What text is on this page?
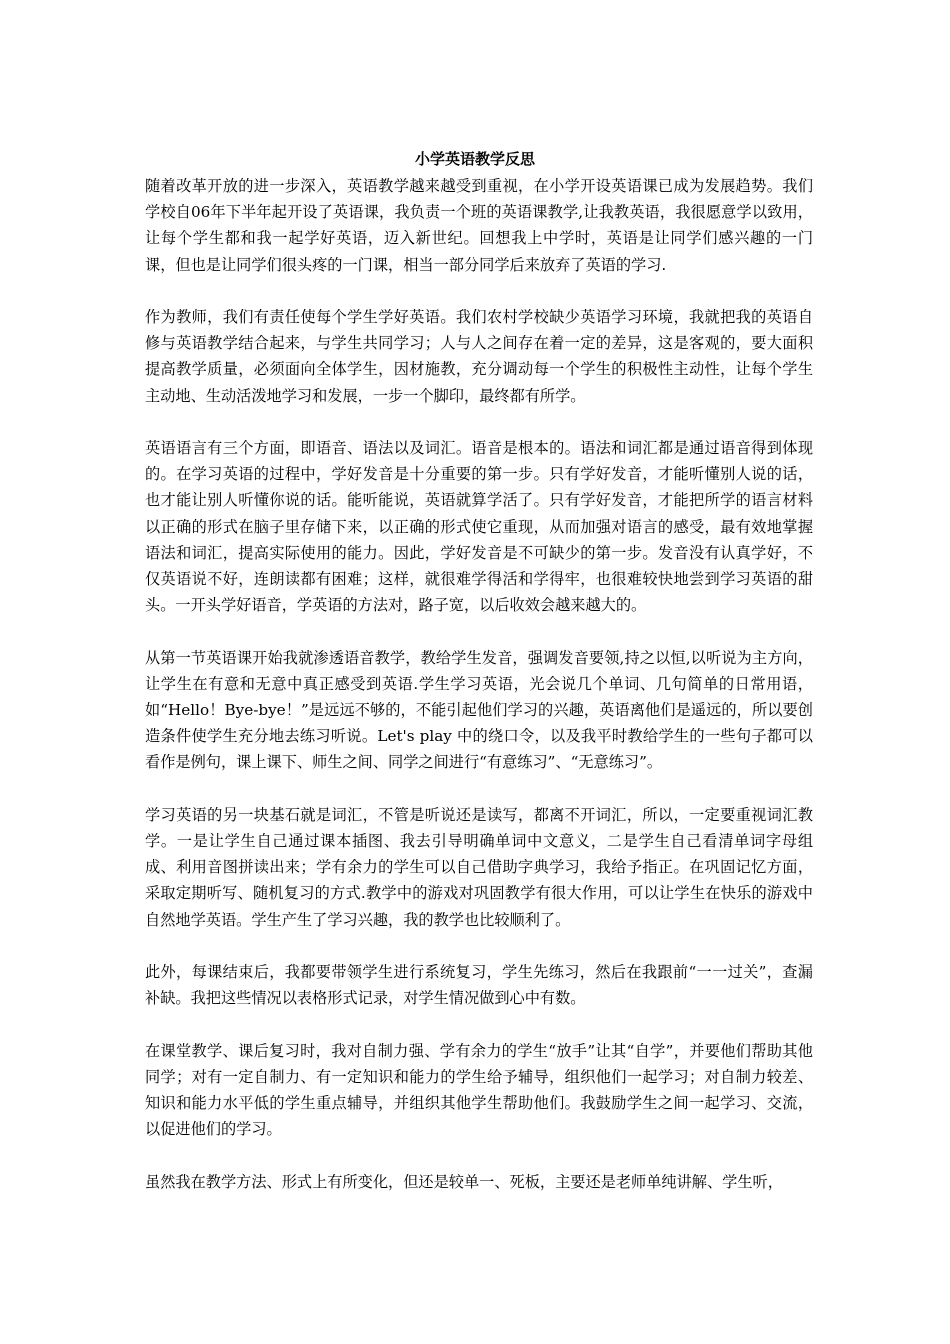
小学英语教学反思

随着改革开放的进一步深入，英语教学越来越受到重视，在小学开设英语课已成为发展趋势。我们学校自06年下半年起开设了英语课，我负责一个班的英语课教学,让我教英语，我很愿意学以致用，让每个学生都和我一起学好英语，迈入新世纪。回想我上中学时，英语是让同学们感兴趣的一门课，但也是让同学们很头疼的一门课，相当一部分同学后来放弃了英语的学习.

作为教师，我们有责任使每个学生学好英语。我们农村学校缺少英语学习环境，我就把我的英语自修与英语教学结合起来，与学生共同学习；人与人之间存在着一定的差异，这是客观的，要大面积提高教学质量，必须面向全体学生，因材施教，充分调动每一个学生的积极性主动性，让每个学生主动地、生动活泼地学习和发展，一步一个脚印，最终都有所学。

英语语言有三个方面，即语音、语法以及词汇。语音是根本的。语法和词汇都是通过语音得到体现的。在学习英语的过程中，学好发音是十分重要的第一步。只有学好发音，才能听懂别人说的话，也才能让别人听懂你说的话。能听能说，英语就算学活了。只有学好发音，才能把所学的语言材料以正确的形式在脑子里存储下来，以正确的形式使它重现，从而加强对语言的感受，最有效地掌握语法和词汇，提高实际使用的能力。因此，学好发音是不可缺少的第一步。发音没有认真学好，不仅英语说不好，连朗读都有困难；这样，就很难学得活和学得牢，也很难较快地尝到学习英语的甜头。一开头学好语音，学英语的方法对，路子宽，以后收效会越来越大的。

从第一节英语课开始我就渗透语音教学，教给学生发音，强调发音要领,持之以恒,以听说为主方向，让学生在有意和无意中真正感受到英语.学生学习英语，光会说几个单词、几句简单的日常用语，如“Hello！Bye-bye！”是远远不够的，不能引起他们学习的兴趣，英语离他们是遥远的，所以要创造条件使学生充分地去练习听说。Let's play 中的绕口令，以及我平时教给学生的一些句子都可以看作是例句，课上课下、师生之间、同学之间进行“有意练习”、“无意练习”。

学习英语的另一块基石就是词汇，不管是听说还是读写，都离不开词汇，所以，一定要重视词汇教学。一是让学生自己通过课本插图、我去引导明确单词中文意义，二是学生自己看清单词字母组成、利用音图拼读出来；学有余力的学生可以自己借助字典学习，我给予指正。在巩固记忆方面，采取定期听写、随机复习的方式.教学中的游戏对巩固教学有很大作用，可以让学生在快乐的游戏中自然地学英语。学生产生了学习兴趣，我的教学也比较顺利了。

此外，每课结束后，我都要带领学生进行系统复习，学生先练习，然后在我跟前“一一过关”，查漏补缺。我把这些情况以表格形式记录，对学生情况做到心中有数。

在课堂教学、课后复习时，我对自制力强、学有余力的学生“放手”让其“自学”，并要他们帮助其他同学；对有一定自制力、有一定知识和能力的学生给予辅导，组织他们一起学习；对自制力较差、知识和能力水平低的学生重点辅导，并组织其他学生帮助他们。我鼓励学生之间一起学习、交流，以促进他们的学习。

虽然我在教学方法、形式上有所变化，但还是较单一、死板，主要还是老师单纯讲解、学生听，
